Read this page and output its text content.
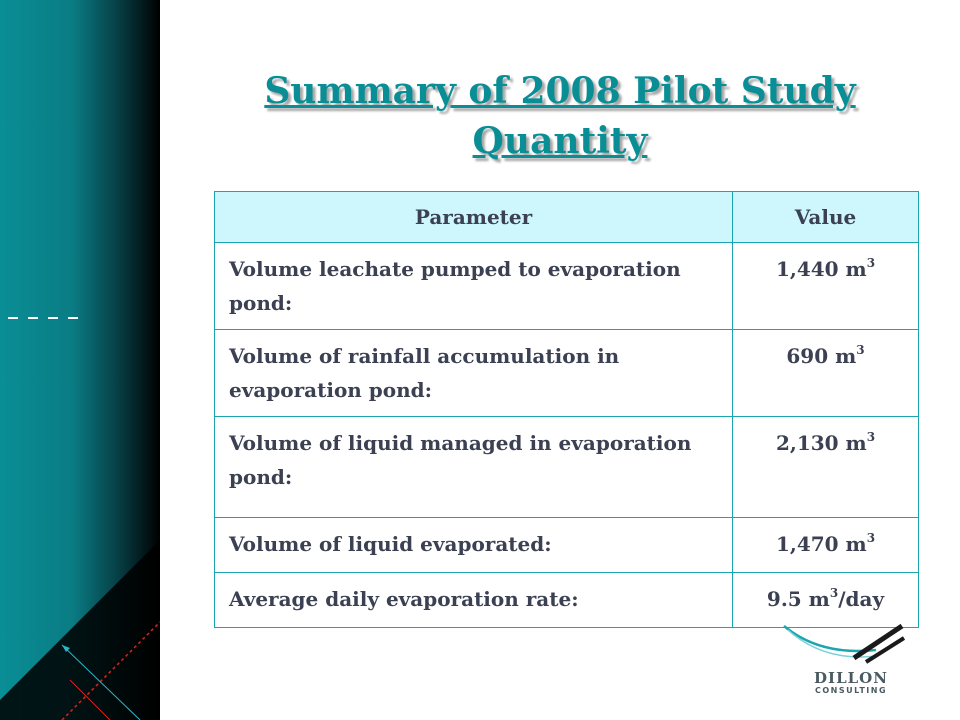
Summary of 2008 Pilot Study
Quantity
Parameter	Value
Volume leachate pumped to evaporation pond:	1,440 $m^3$
Volume of rainfall accumulation in evaporation pond:	690 $m^3$
Volume of liquid managed in evaporation pond:	2,130 $m^3$
Volume of liquid evaporated:	1,470 $m^3$
Average daily evaporation rate:	9.5 $m^3$/day
DILLON
CONSULTING
